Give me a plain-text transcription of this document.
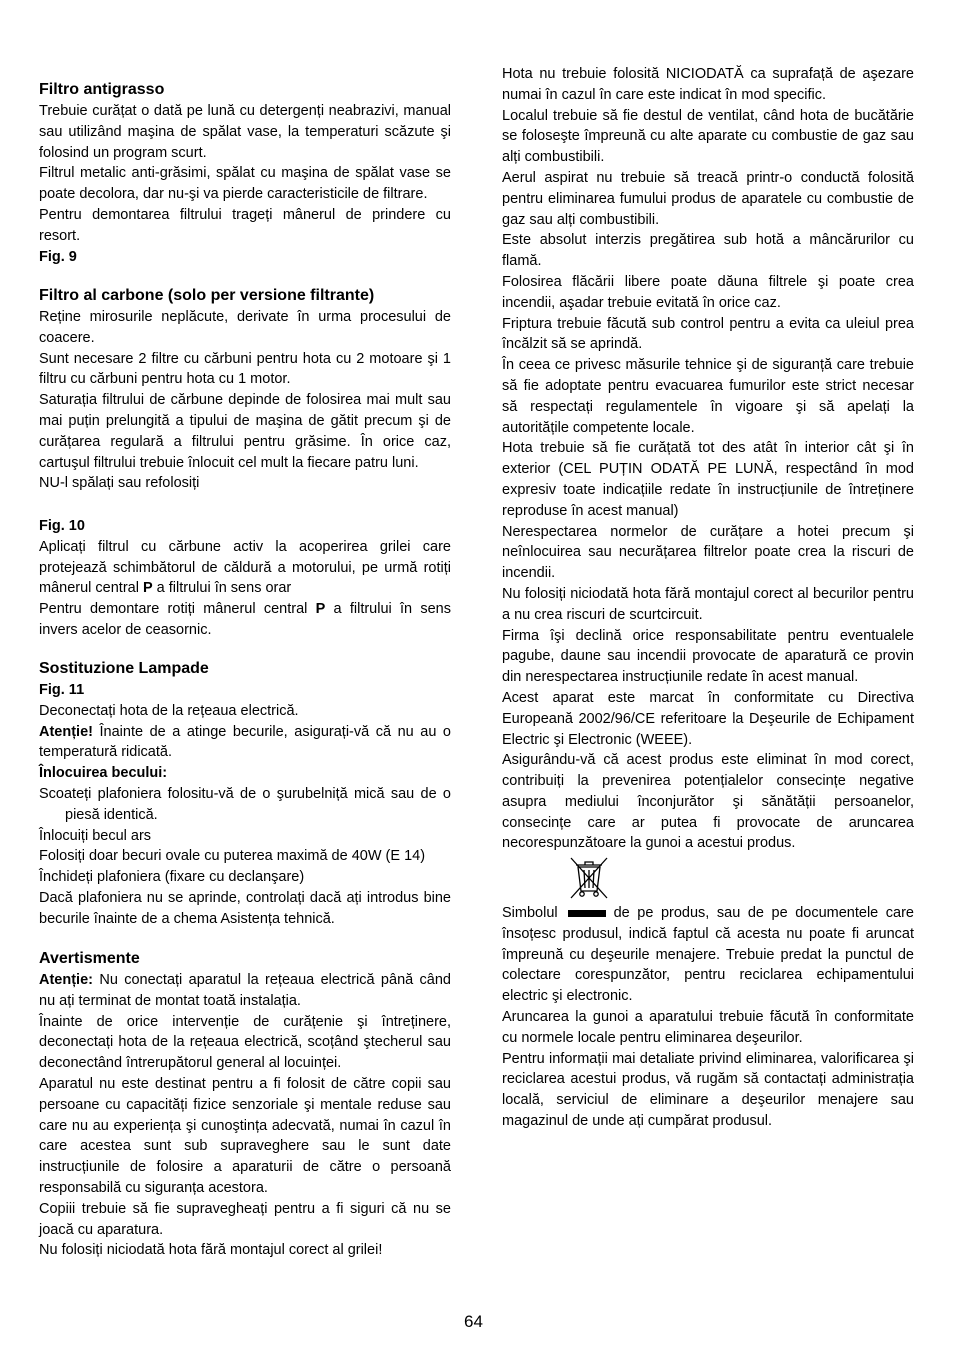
Filtro antigrasso

Trebuie curățat o dată pe lună cu detergenți neabrazivi, manual sau utilizând maşina de spălat vase, la temperaturi scăzute şi folosind un program scurt.

Filtrul metalic anti-grăsimi, spălat cu maşina de spălat vase se poate decolora, dar nu-şi va pierde caracteristicile de filtrare.

Pentru demontarea filtrului trageți mânerul de prindere cu resort.

Fig. 9

Filtro al carbone (solo per versione filtrante)

Reține mirosurile neplăcute, derivate în urma procesului de coacere.

Sunt necesare 2 filtre cu cărbuni pentru hota cu 2 motoare şi 1 filtru cu cărbuni pentru hota cu 1 motor.

Saturația filtrului de cărbune depinde de folosirea mai mult sau mai puțin prelungită a tipului de maşina de gătit precum şi de curățarea regulară a filtrului pentru grăsime. În orice caz, cartuşul filtrului trebuie înlocuit cel mult la fiecare patru luni.

NU-l spălați sau refolosiți

Fig. 10

Aplicați filtrul cu cărbune activ la acoperirea grilei care protejează schimbătorul de căldură a motorului, pe urmă rotiți mânerul central P a filtrului în sens orar

Pentru demontare rotiți mânerul central P a filtrului în sens invers acelor de ceasornic.

Sostituzione Lampade

Fig. 11

Deconectați hota de la rețeaua electrică.

Atenție! Înainte de a atinge becurile, asigurați-vă că nu au o temperatură ridicată.

Înlocuirea becului:

Scoateți plafoniera folositu-vă de o şurubelniță mică sau de o piesă identică.

Înlocuiți becul ars

Folosiți doar becuri ovale cu puterea maximă de 40W (E 14)

Închideți plafoniera (fixare cu declanşare)

Dacă plafoniera nu se aprinde, controlați dacă ați introdus bine becurile înainte de a chema Asistența tehnică.

Avertismente

Atenție: Nu conectați aparatul la rețeaua electrică până când nu ați terminat de montat toată instalația.

Înainte de orice intervenție de curățenie şi întreținere, deconectați hota de la rețeaua electrică, scoțând ştecherul sau deconectând întrerupătorul general al locuinței.

Aparatul nu este destinat pentru a fi folosit de către copii sau persoane cu capacități fizice senzoriale şi mentale reduse sau care nu au experiența şi cunoştința adecvată, numai în cazul în care acestea sunt sub supraveghere sau le sunt date instrucțiunile de folosire a aparaturii de către o persoană responsabilă cu siguranța acestora.

Copiii trebuie să fie supravegheați pentru a fi siguri că nu se joacă cu aparatura.

Nu folosiți niciodată hota fără montajul corect al grilei!

Hota nu trebuie folosită NICIODATĂ ca suprafață de aşezare numai în cazul în care este indicat în mod specific.

Localul trebuie să fie destul de ventilat, când hota de bucătărie se foloseşte împreună cu alte aparate cu combustie de gaz sau alți combustibili.

Aerul aspirat nu trebuie să treacă printr-o conductă folosită pentru eliminarea fumului produs de aparatele cu combustie de gaz sau alți combustibili.

Este absolut interzis pregătirea sub hotă a mâncărurilor cu flamă.

Folosirea flăcării libere poate dăuna filtrele şi poate crea incendii, aşadar trebuie evitată în orice caz.

Friptura trebuie făcută sub control pentru a evita ca uleiul prea încălzit să se aprindă.

În ceea ce privesc măsurile tehnice şi de siguranță care trebuie să fie adoptate pentru evacuarea fumurilor este strict necesar să respectați regulamentele în vigoare şi să apelați la autoritățile competente locale.

Hota trebuie să fie curățată tot des atât în interior cât şi în exterior (CEL PUȚIN ODATĂ PE LUNĂ, respectând în mod expresiv toate indicațiile redate în instrucțiunile de întreținere reproduse în acest manual)

Nerespectarea normelor de curățare a hotei precum şi neînlocuirea sau necurățarea filtrelor poate crea la riscuri de incendii.

Nu folosiți niciodată hota fără montajul corect al becurilor pentru a nu crea riscuri de scurtcircuit.

Firma îşi declină orice responsabilitate pentru eventualele pagube, daune sau incendii provocate de aparatură ce provin din nerespectarea instrucțiunile redate în acest manual.

Acest aparat este marcat în conformitate cu Directiva Europeană 2002/96/CE referitoare la Deşeurile de Echipament Electric şi Electronic (WEEE).

Asigurându-vă că acest produs este eliminat în mod corect, contribuiți la prevenirea potențialelor consecințe negative asupra mediului înconjurător şi sănătății persoanelor, consecințe care ar putea fi provocate de aruncarea necorespunzătoare la gunoi a acestui produs.

Simbolul	de pe produs, sau de pe documentele care însoțesc produsul, indică faptul că acesta nu poate fi aruncat împreună cu deşeurile menajere. Trebuie predat la punctul de colectare corespunzător, pentru reciclarea echipamentului electric şi electronic.

Aruncarea la gunoi a aparatului trebuie făcută în conformitate cu normele locale pentru eliminarea deşeurilor.

Pentru informații mai detaliate privind eliminarea, valorificarea şi reciclarea acestui produs, vă rugăm să contactați administrația locală, serviciul de eliminare a deşeurilor menajere sau magazinul de unde ați cumpărat produsul.

64
